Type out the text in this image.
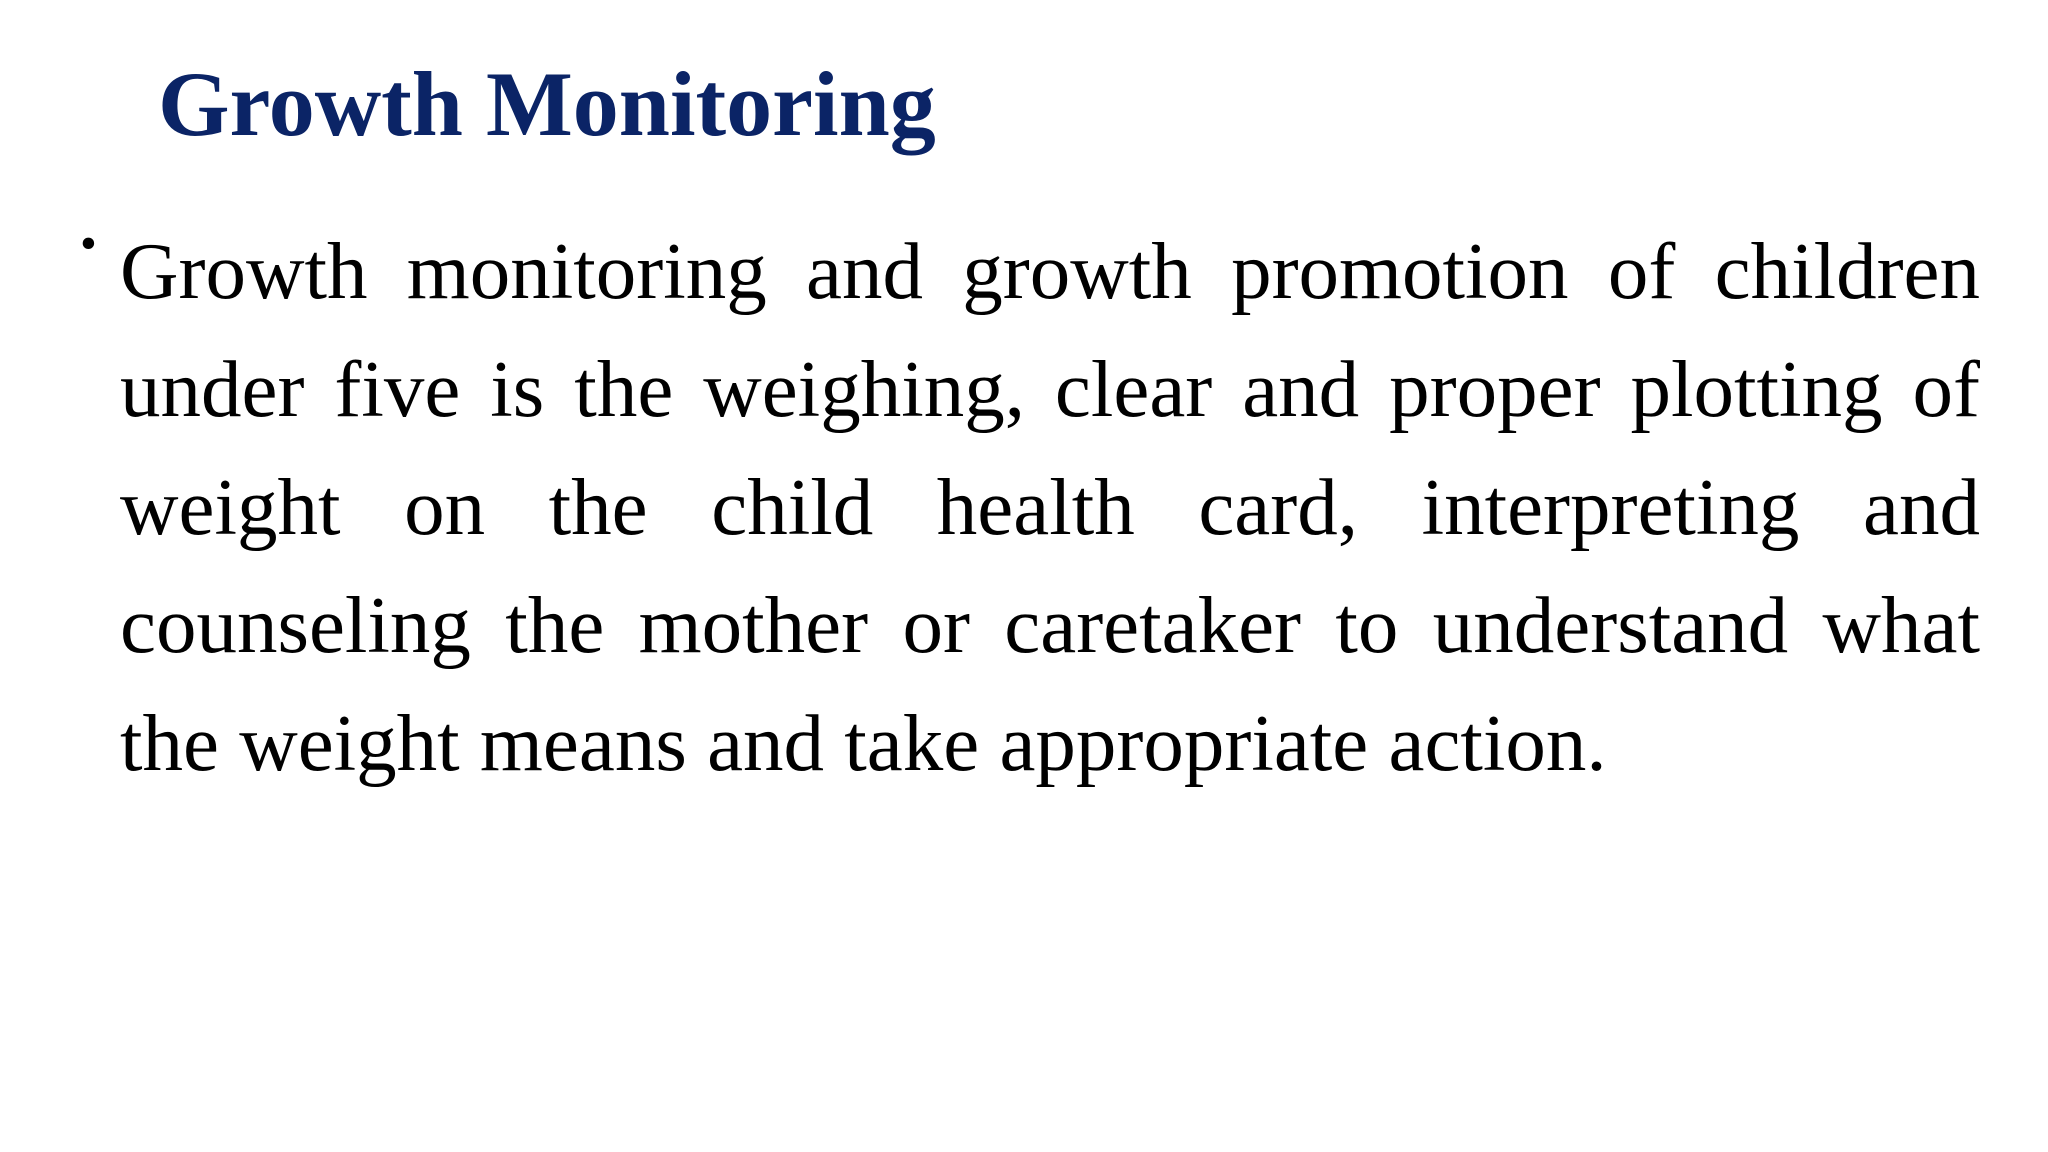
Growth Monitoring
• Growth monitoring and growth promotion of children under five is the weighing, clear and proper plotting of weight on the child health card, interpreting and counseling the mother or caretaker to understand what the weight means and take appropriate action.
